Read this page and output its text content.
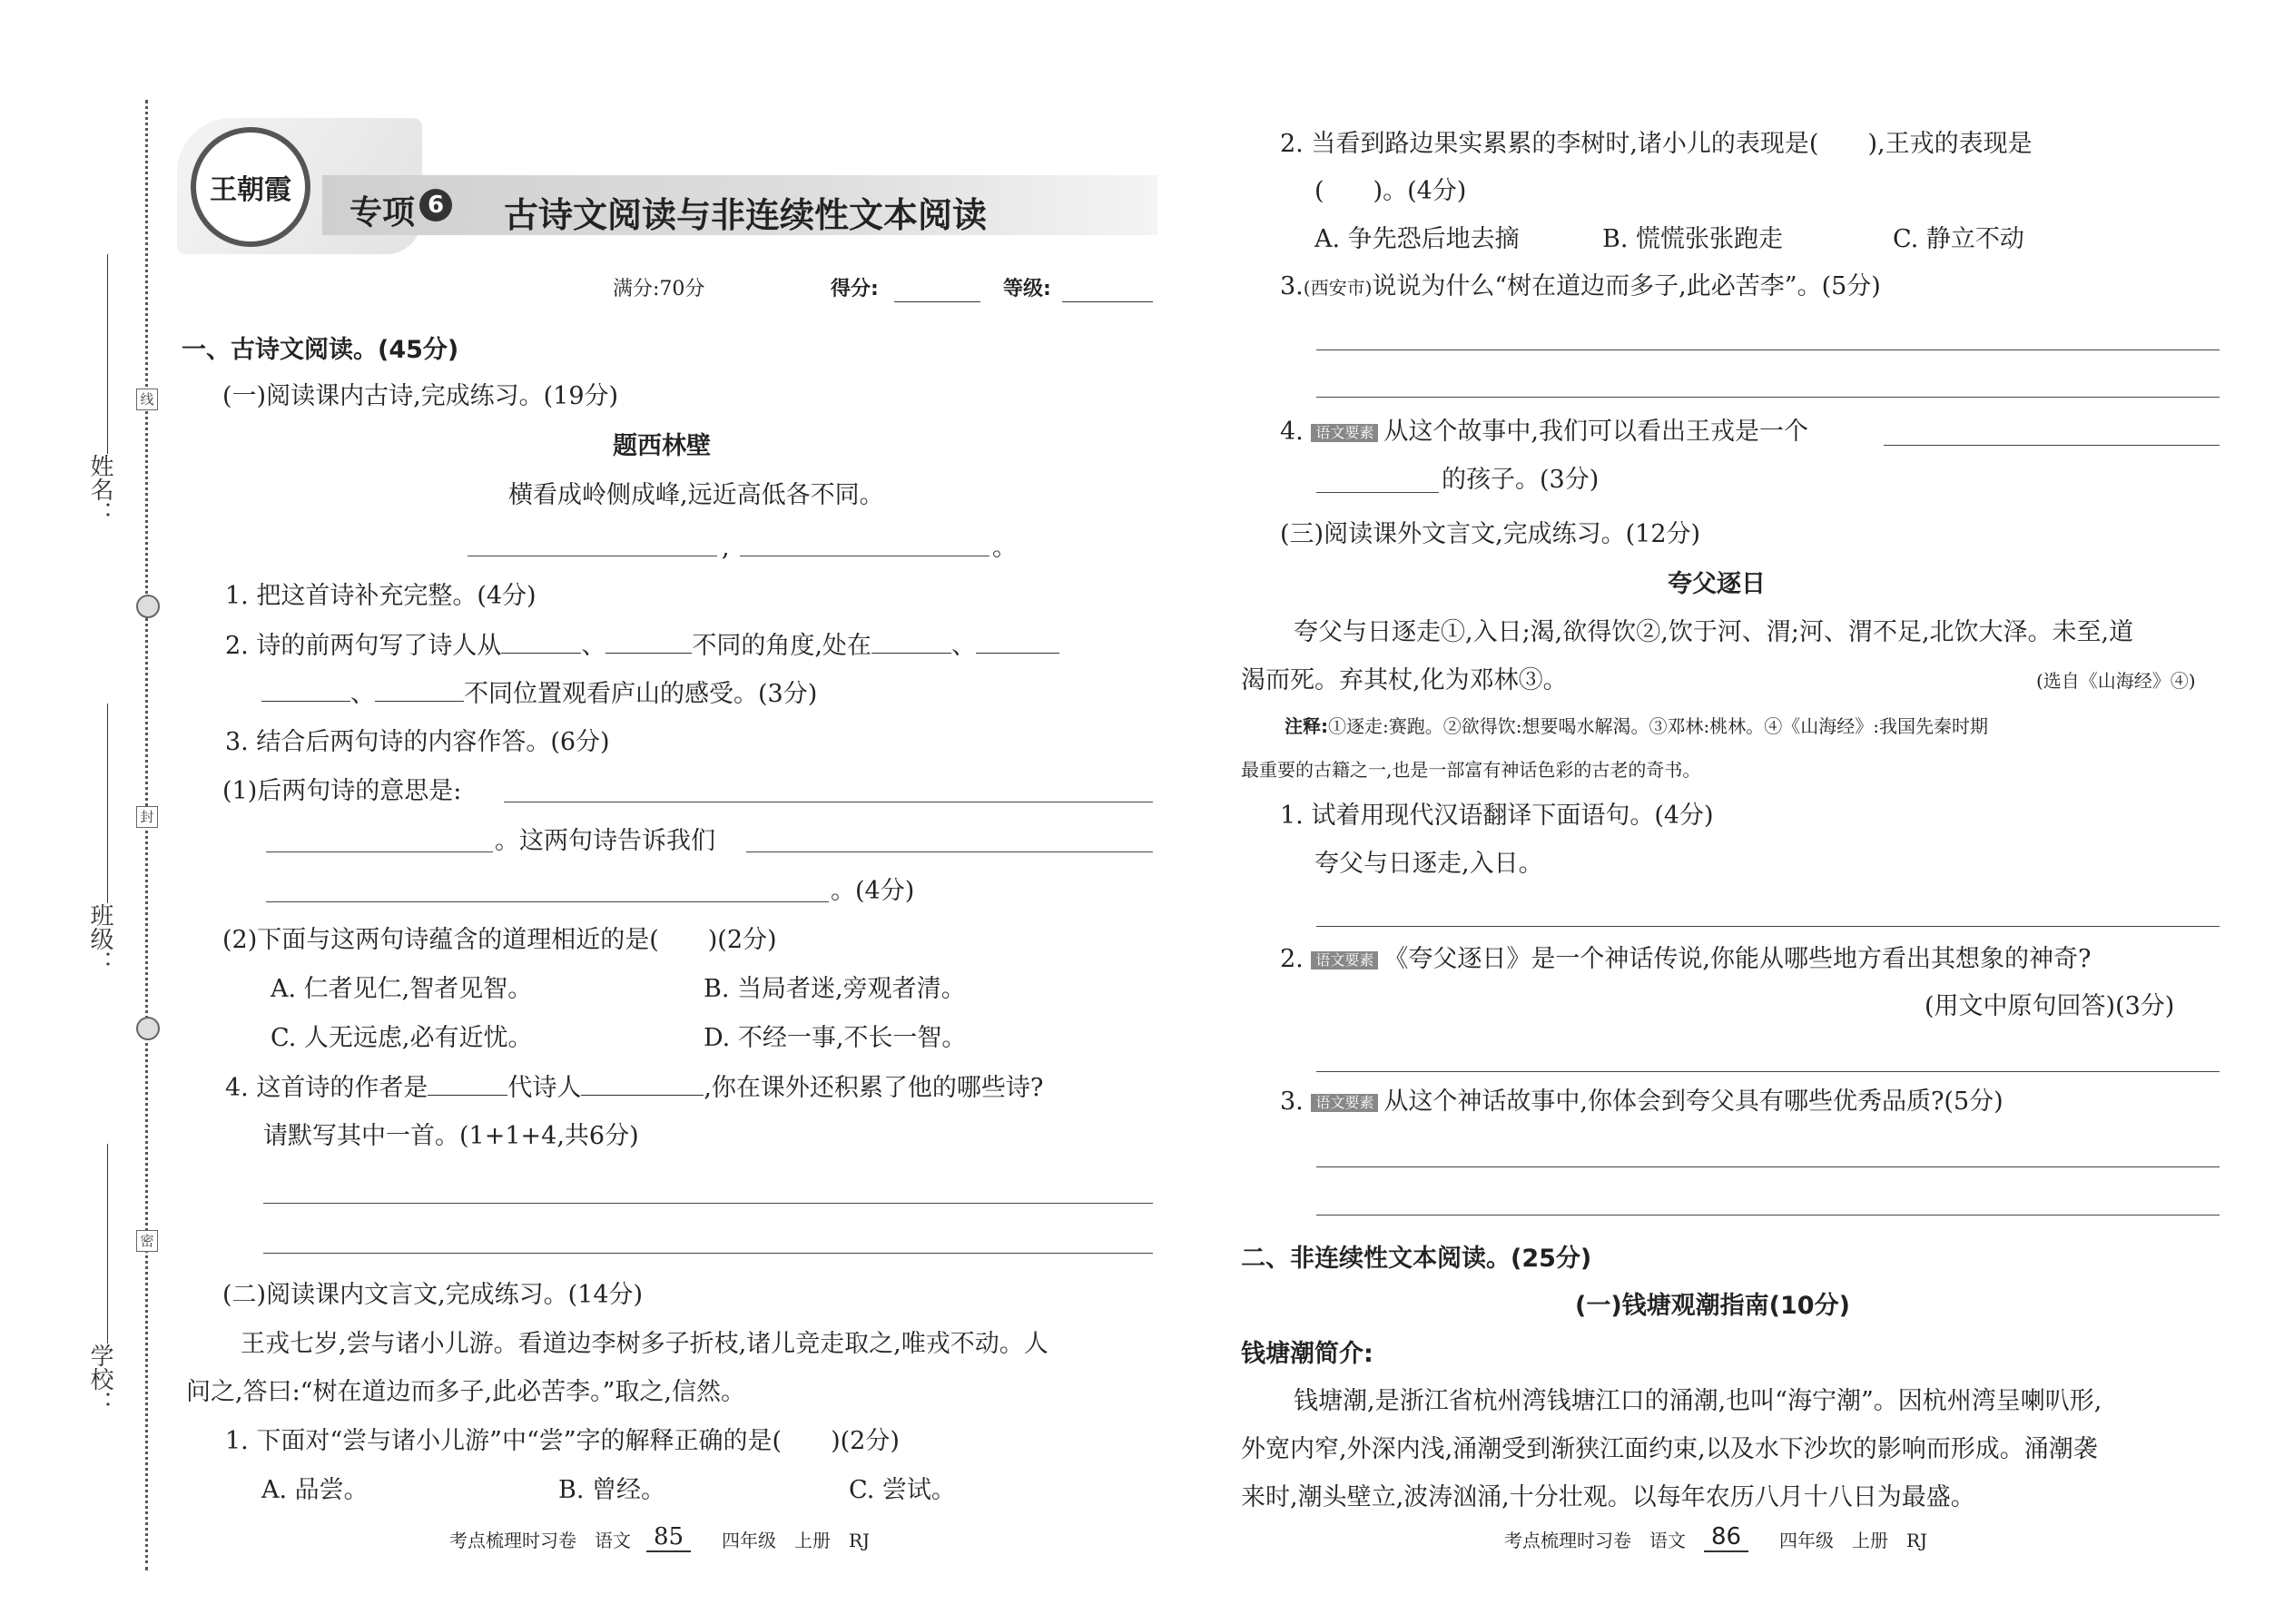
姓名：
班级：
学校：
线
封
密
王朝霞
专项 6 古诗文阅读与非连续性文本阅读
满分:70分	得分:	等级:
一、古诗文阅读。(45分)
(一)阅读课内古诗,完成练习。(19分)
题西林壁
横看成岭侧成峰,远近高低各不同。
,	。
1. 把这首诗补充完整。(4分)
2. 诗的前两句写了诗人从	、	不同的角度,处在	、
、	不同位置观看庐山的感受。(3分)
3. 结合后两句诗的内容作答。(6分)
(1)后两句诗的意思是:
。这两句诗告诉我们
。(4分)
(2)下面与这两句诗蕴含的道理相近的是(　　)(2分)
A. 仁者见仁,智者见智。	B. 当局者迷,旁观者清。
C. 人无远虑,必有近忧。	D. 不经一事,不长一智。
4. 这首诗的作者是	代诗人	,你在课外还积累了他的哪些诗?
请默写其中一首。(1+1+4,共6分)
(二)阅读课内文言文,完成练习。(14分)
王戎七岁,尝与诸小儿游。看道边李树多子折枝,诸儿竞走取之,唯戎不动。人
问之,答曰:“树在道边而多子,此必苦李。”取之,信然。
1. 下面对“尝与诸小儿游”中“尝”字的解释正确的是(　　)(2分)
A. 品尝。	B. 曾经。	C. 尝试。
考点梳理时习卷　语文 85	四年级　上册　RJ
2. 当看到路边果实累累的李树时,诸小儿的表现是(　　),王戎的表现是
(　　)。(4分)
A. 争先恐后地去摘	B. 慌慌张张跑走	C. 静立不动
3.(西安市)说说为什么“树在道边而多子,此必苦李”。(5分)
4. 语文要素 从这个故事中,我们可以看出王戎是一个
的孩子。(3分)
(三)阅读课外文言文,完成练习。(12分)
夸父逐日
夸父与日逐走①,入日;渴,欲得饮②,饮于河、渭;河、渭不足,北饮大泽。未至,道
渴而死。弃其杖,化为邓林③。	(选自《山海经》④)
注释:①逐走:赛跑。②欲得饮:想要喝水解渴。③邓林:桃林。④《山海经》:我国先秦时期
最重要的古籍之一,也是一部富有神话色彩的古老的奇书。
1. 试着用现代汉语翻译下面语句。(4分)
夸父与日逐走,入日。
2. 语文要素 《夸父逐日》是一个神话传说,你能从哪些地方看出其想象的神奇?
(用文中原句回答)(3分)
3. 语文要素 从这个神话故事中,你体会到夸父具有哪些优秀品质?(5分)
二、非连续性文本阅读。(25分)
(一)钱塘观潮指南(10分)
钱塘潮简介:
钱塘潮,是浙江省杭州湾钱塘江口的涌潮,也叫“海宁潮”。因杭州湾呈喇叭形,
外宽内窄,外深内浅,涌潮受到渐狭江面约束,以及水下沙坎的影响而形成。涌潮袭
来时,潮头壁立,波涛汹涌,十分壮观。以每年农历八月十八日为最盛。
考点梳理时习卷　语文	86	四年级　上册　RJ
